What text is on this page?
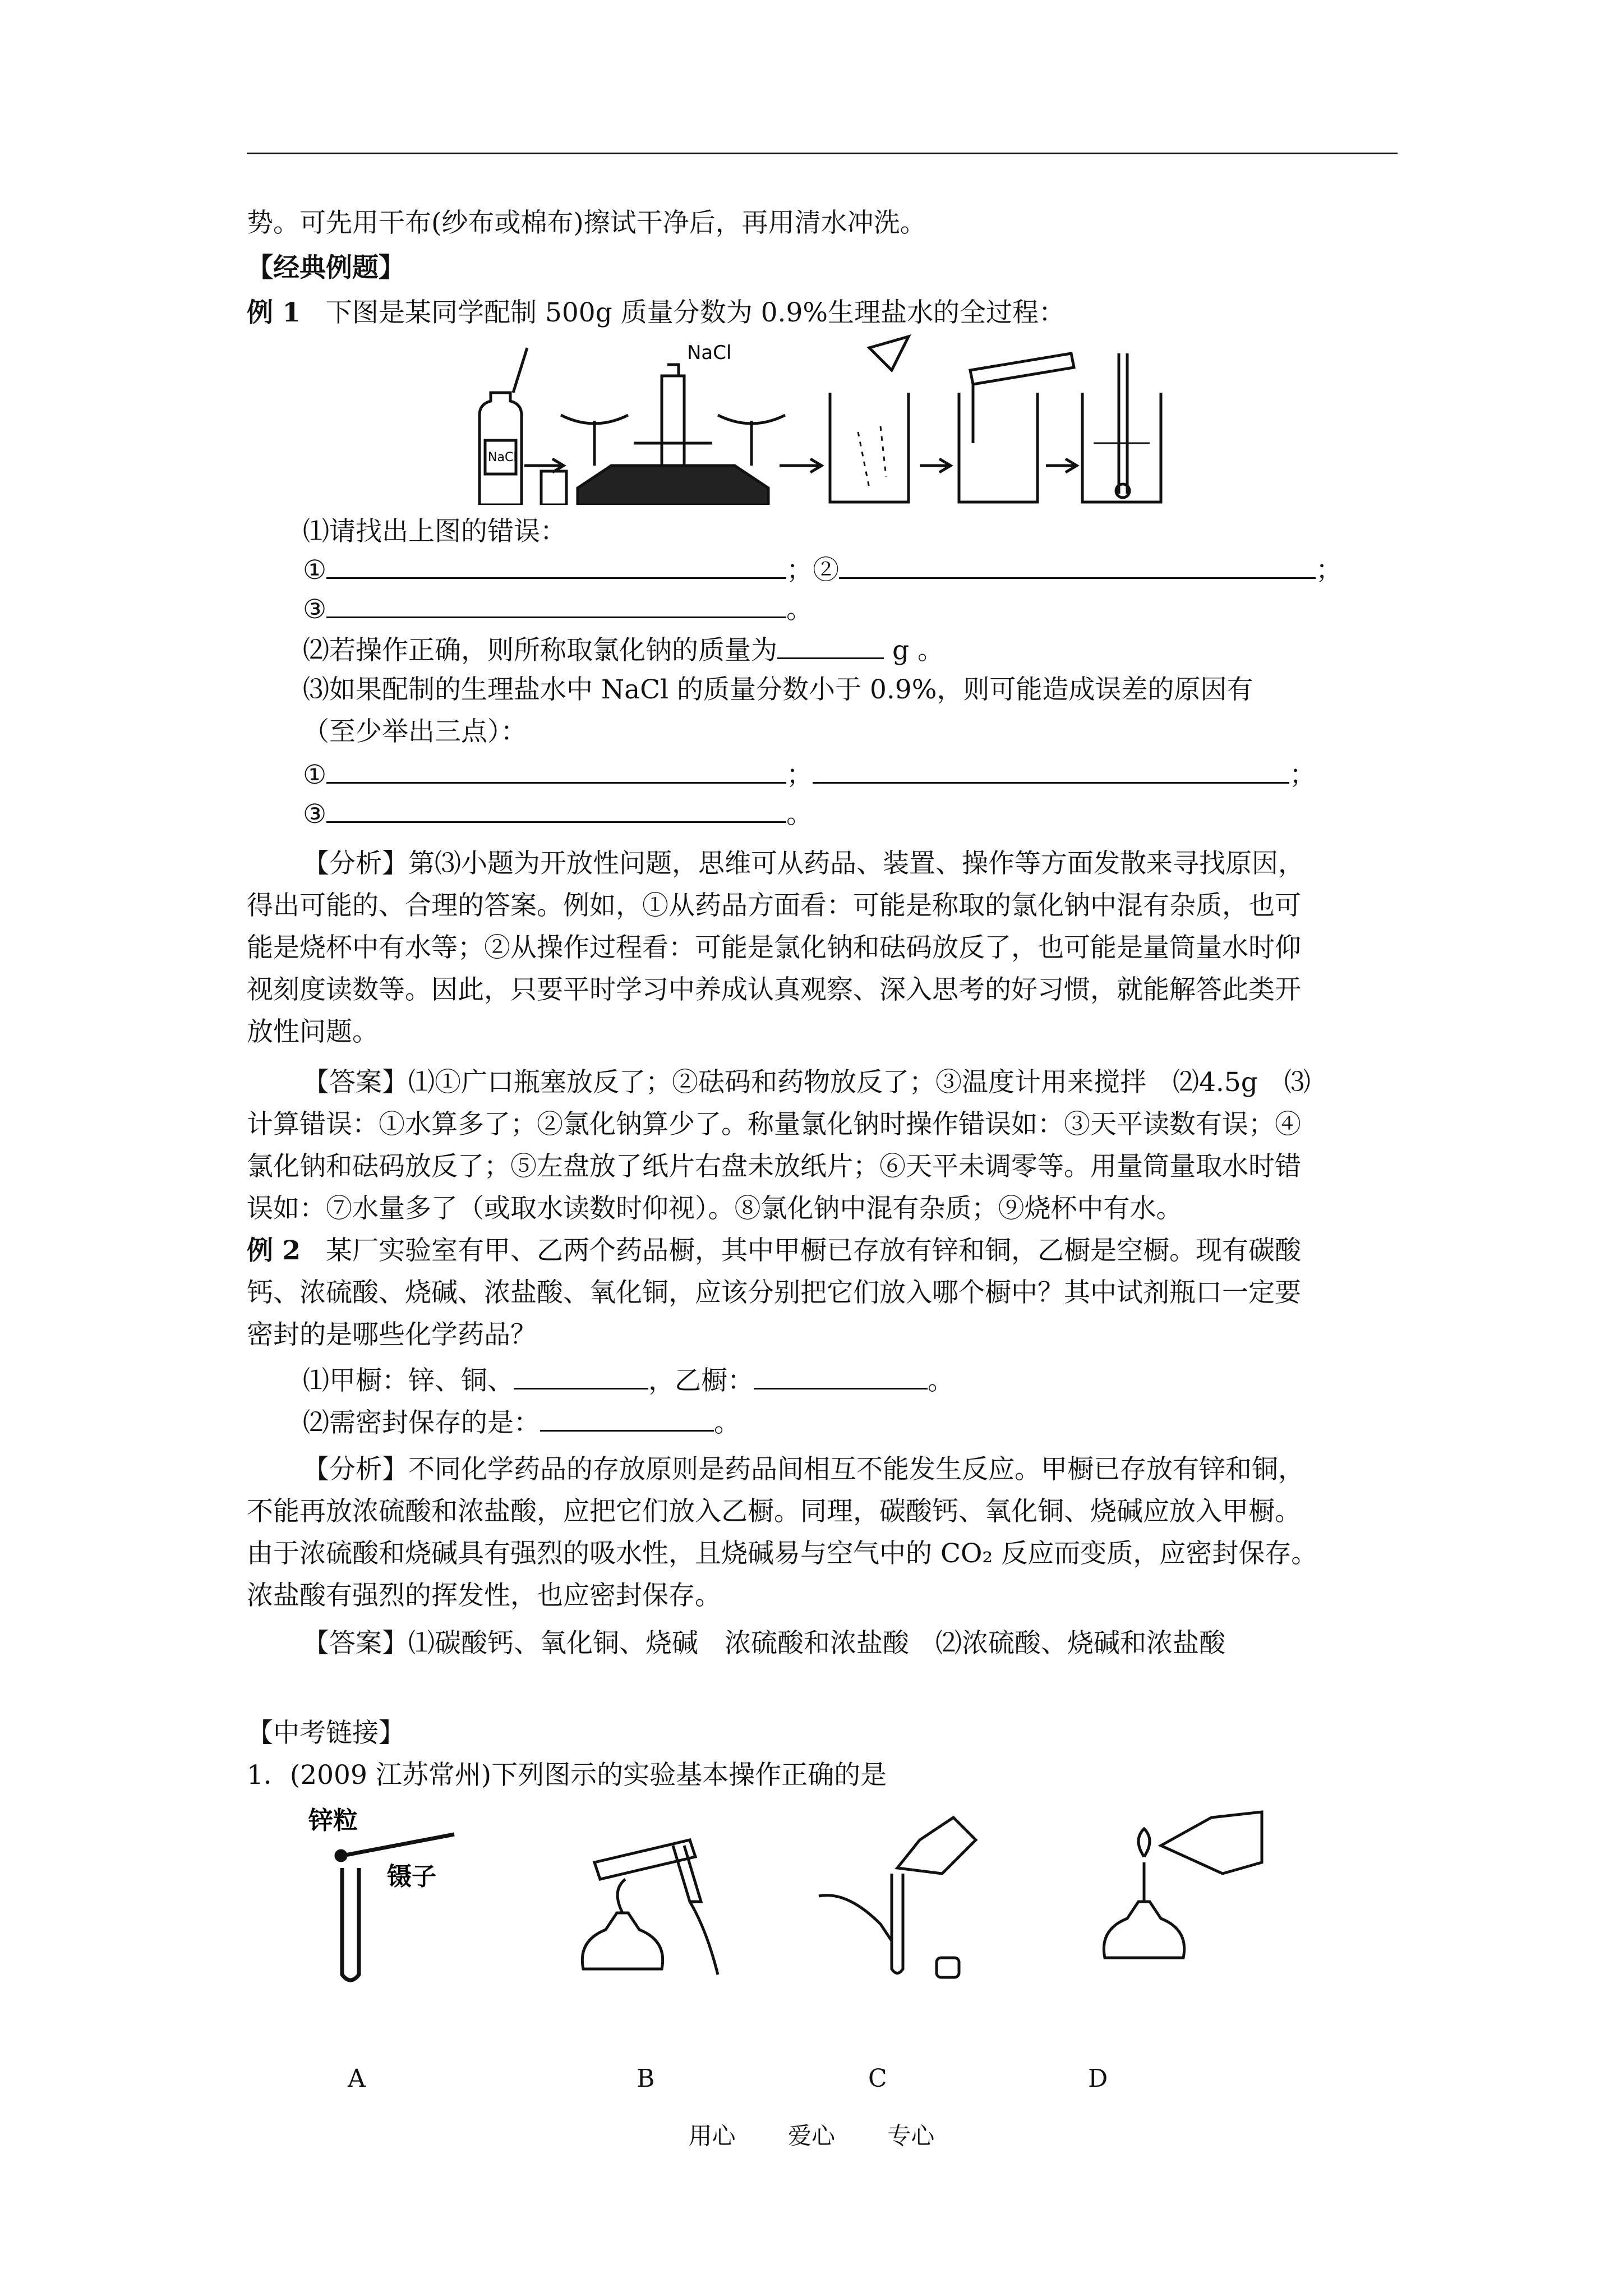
势。可先用干布(纱布或棉布)擦试干净后，再用清水冲洗。
【经典例题】
例 1 下图是某同学配制 500g 质量分数为 0.9%生理盐水的全过程：
NaCl
NaCl
⑴请找出上图的错误：
①	；②	；
③	。
⑵若操作正确，则所称取氯化钠的质量为	g 。
⑶如果配制的生理盐水中 NaCl 的质量分数小于 0.9%，则可能造成误差的原因有
（至少举出三点）：
①	；	；
③	。
【分析】第⑶小题为开放性问题，思维可从药品、装置、操作等方面发散来寻找原因，
得出可能的、合理的答案。例如，①从药品方面看：可能是称取的氯化钠中混有杂质，也可
能是烧杯中有水等；②从操作过程看：可能是氯化钠和砝码放反了，也可能是量筒量水时仰
视刻度读数等。因此，只要平时学习中养成认真观察、深入思考的好习惯，就能解答此类开
放性问题。
【答案】⑴①广口瓶塞放反了；②砝码和药物放反了；③温度计用来搅拌　⑵4.5g　⑶
计算错误：①水算多了；②氯化钠算少了。称量氯化钠时操作错误如：③天平读数有误；④
氯化钠和砝码放反了；⑤左盘放了纸片右盘未放纸片；⑥天平未调零等。用量筒量取水时错
误如：⑦水量多了（或取水读数时仰视）。⑧氯化钠中混有杂质；⑨烧杯中有水。
例 2 某厂实验室有甲、乙两个药品橱，其中甲橱已存放有锌和铜，乙橱是空橱。现有碳酸
钙、浓硫酸、烧碱、浓盐酸、氧化铜，应该分别把它们放入哪个橱中？其中试剂瓶口一定要
密封的是哪些化学药品？
⑴甲橱：锌、铜、	，乙橱：	。
⑵需密封保存的是：	。
【分析】不同化学药品的存放原则是药品间相互不能发生反应。甲橱已存放有锌和铜，
不能再放浓硫酸和浓盐酸，应把它们放入乙橱。同理，碳酸钙、氧化铜、烧碱应放入甲橱。
由于浓硫酸和烧碱具有强烈的吸水性，且烧碱易与空气中的 CO₂ 反应而变质，应密封保存。
浓盐酸有强烈的挥发性，也应密封保存。
【答案】⑴碳酸钙、氧化铜、烧碱　浓硫酸和浓盐酸　⑵浓硫酸、烧碱和浓盐酸
【中考链接】
1．(2009 江苏常州)下列图示的实验基本操作正确的是
锌粒
镊子
A	B	C	D
用心 爱心 专心
